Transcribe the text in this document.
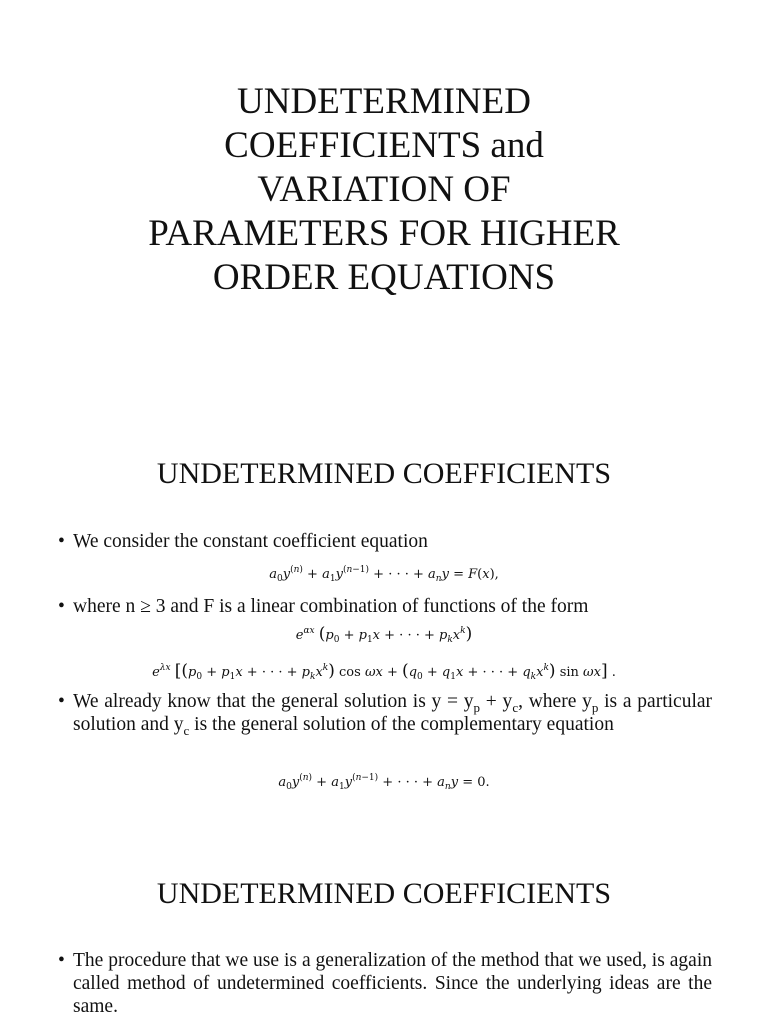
UNDETERMINED
COEFFICIENTS and
VARIATION OF
PARAMETERS FOR HIGHER
ORDER EQUATIONS
UNDETERMINED COEFFICIENTS

• We consider the constant coefficient equation

$a_0y^{(n)} + a_1y^{(n-1)}$ + · · · + $a_ny = F(x)$,

• where n ≥ 3 and F is a linear combination of functions of the form

$e^{\alpha x}$ ($p_0 + p_1x$ + · · · + $p_kx^k$)
$e^{\lambda x}$ [($p_0 + p_1x$ + · · · + $p_kx^k$) $\cos \omega x + (q_0 + q_1x$ + · · · + $q_kx^k$) sin ωx] .

• We already know that the general solution is $y = y_p + y_c$, where $y_p$ is a particular solution and $y_c$ is the general solution of the complementary equation

$a_0y^{(n)} + a_1y^{(n-1)}$ + · · · + $a_ny = 0$.
UNDETERMINED COEFFICIENTS

• The procedure that we use is a generalization of the method that we used, is again called method of undetermined coefficients. Since the underlying ideas are the same.
